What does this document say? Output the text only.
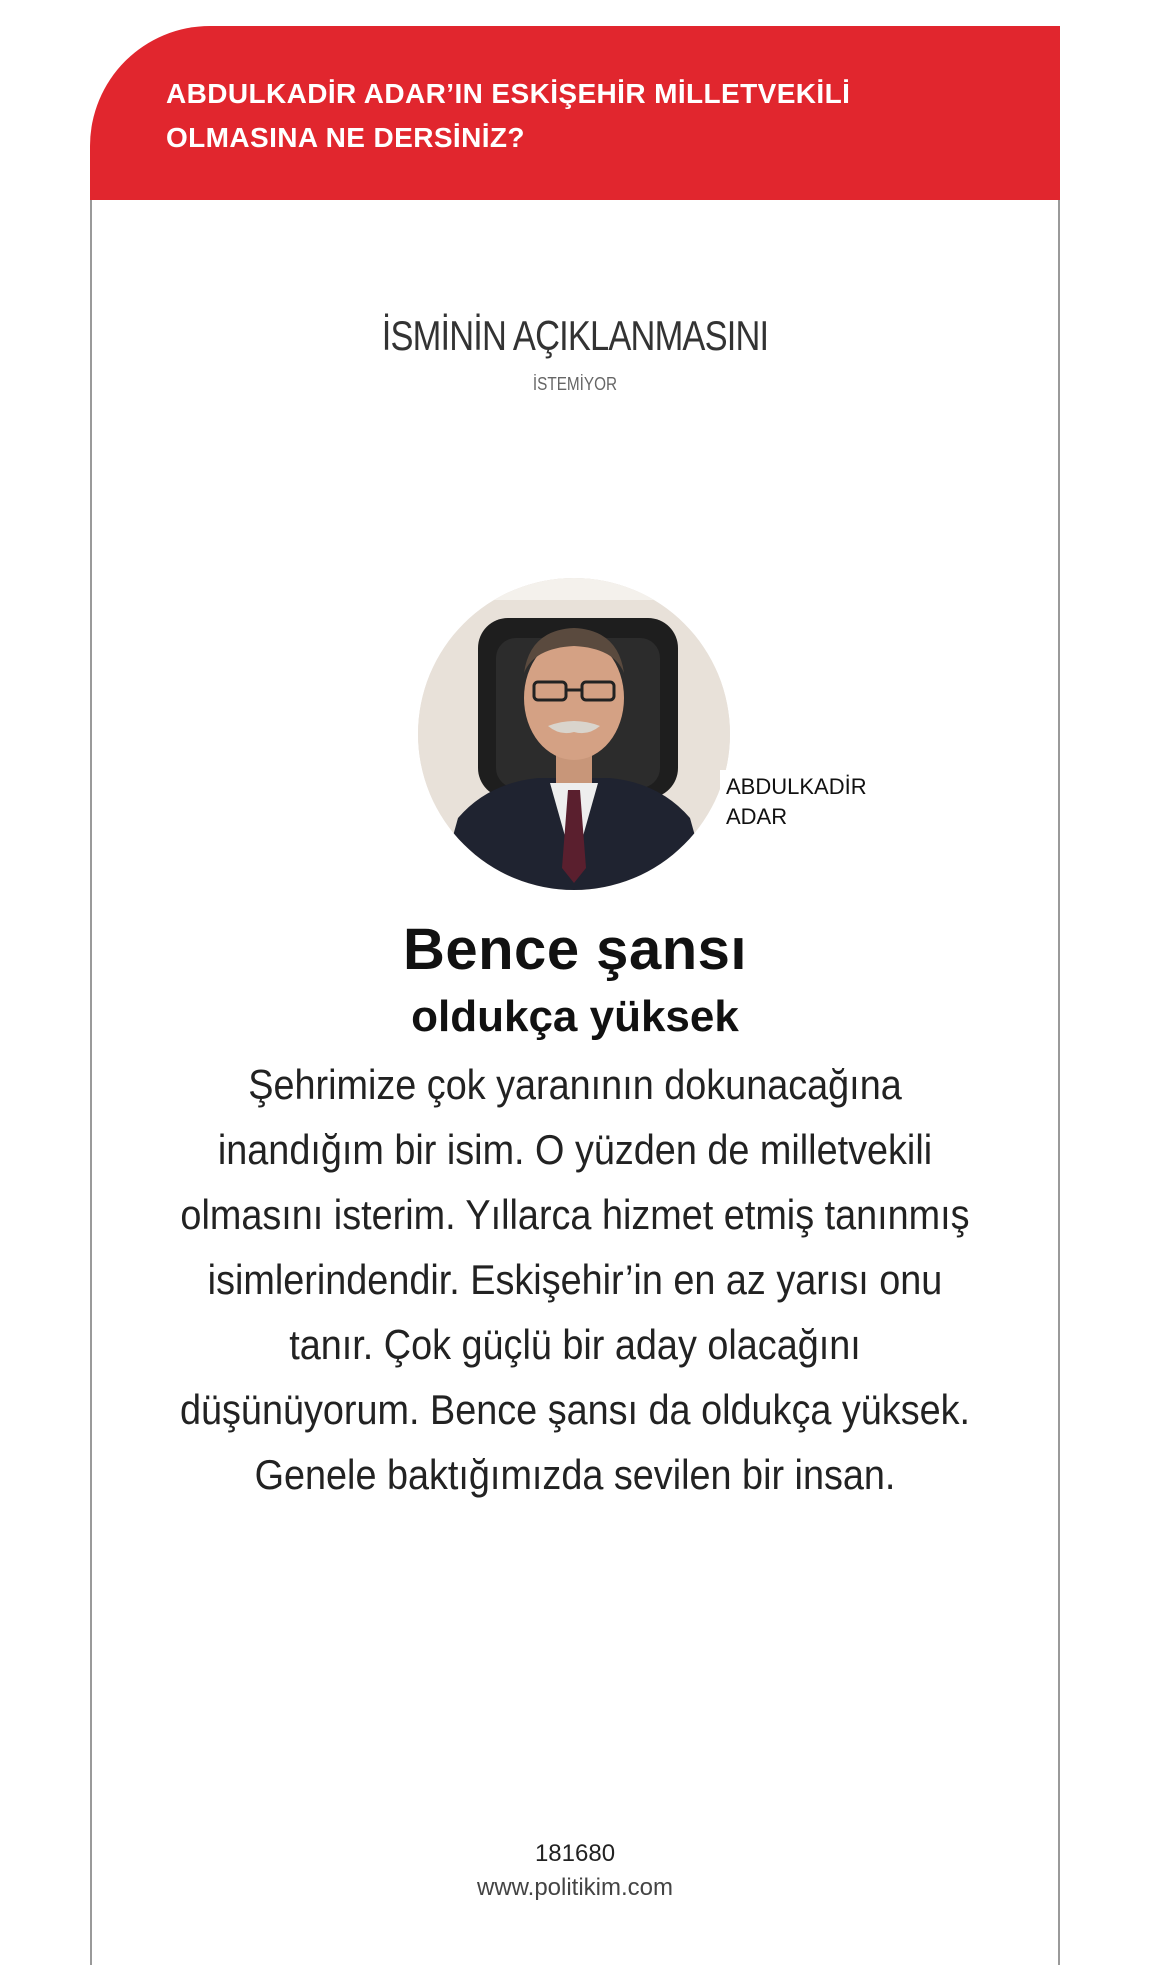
ABDULKADİR ADAR’IN ESKİŞEHİR MİLLETVEKİLİ OLMASINA NE DERSİNİZ?
İSMİNİN AÇIKLANMASINI
İSTEMİYOR
ABDULKADİR
ADAR
Bence şansı
oldukça yüksek
Şehrimize çok yaranının dokunacağına inandığım bir isim. O yüzden de milletvekili olmasını isterim. Yıllarca hizmet etmiş tanınmış isimlerindendir. Eskişehir’in en az yarısı onu tanır. Çok güçlü bir aday olacağını düşünüyorum. Bence şansı da oldukça yüksek. Genele baktığımızda sevilen bir insan.
181680
www.politikim.com
